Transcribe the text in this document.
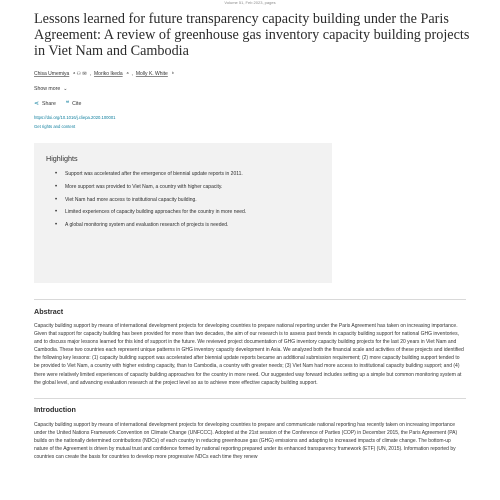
Volume 51, Feb 2023, pages
Lessons learned for future transparency capacity building under the Paris Agreement: A review of greenhouse gas inventory capacity building projects in Viet Nam and Cambodia
Chisa Umemiya ᵃ ⚇ ✉ , Moriko Ikeda ᵃ , Molly K. White ᵇ
Show more ⌄
⋖ Share ❝ Cite
https://doi.org/10.1016/j.cliepa.2020.100001
Get rights and content
Highlights
• Support was accelerated after the emergence of biennial update reports in 2011.
• More support was provided to Viet Nam, a country with higher capacity.
• Viet Nam had more access to institutional capacity building.
• Limited experiences of capacity building approaches for the country in more need.
• A global monitoring system and evaluation research of projects is needed.
Abstract

Capacity building support by means of international development projects for developing countries to prepare national reporting under the Paris Agreement has taken on increasing importance. Given that support for capacity building has been provided for more than two decades, the aim of our research is to assess past trends in capacity building support for national GHG inventories, and to discuss major lessons learned for this kind of support in the future. We reviewed project documentation of GHG inventory capacity building projects for the last 20 years in Viet Nam and Cambodia. These two countries each represent unique patterns in GHG inventory capacity development in Asia. We analyzed both the financial scale and activities of these projects and identified the following key lessons: (1) capacity building support was accelerated after biennial update reports became an additional submission requirement; (2) more capacity building support tended to be provided to Viet Nam, a country with higher existing capacity, than to Cambodia, a country with greater needs; (3) Viet Nam had more access to institutional capacity building support; and (4) there were relatively limited experiences of capacity building approaches for the country in more need. Our suggested way forward includes setting up a simple but common monitoring system at the global level, and advancing evaluation research at the project level so as to achieve more effective capacity building support.

Introduction

Capacity building support by means of international development projects for developing countries to prepare and communicate national reporting has recently taken on increasing importance under the United Nations Framework Convention on Climate Change (UNFCCC). Adopted at the 21st session of the Conference of Parties (COP) in December 2015, the Paris Agreement (PA) builds on the nationally determined contributions (NDCs) of each country in reducing greenhouse gas (GHG) emissions and adapting to increased impacts of climate change. The bottom-up nature of the Agreement is driven by mutual trust and confidence formed by national reporting prepared under its enhanced transparency framework (ETF) (UN, 2015). Information reported by countries can create the basis for countries to develop more progressive NDCs each time they renew
